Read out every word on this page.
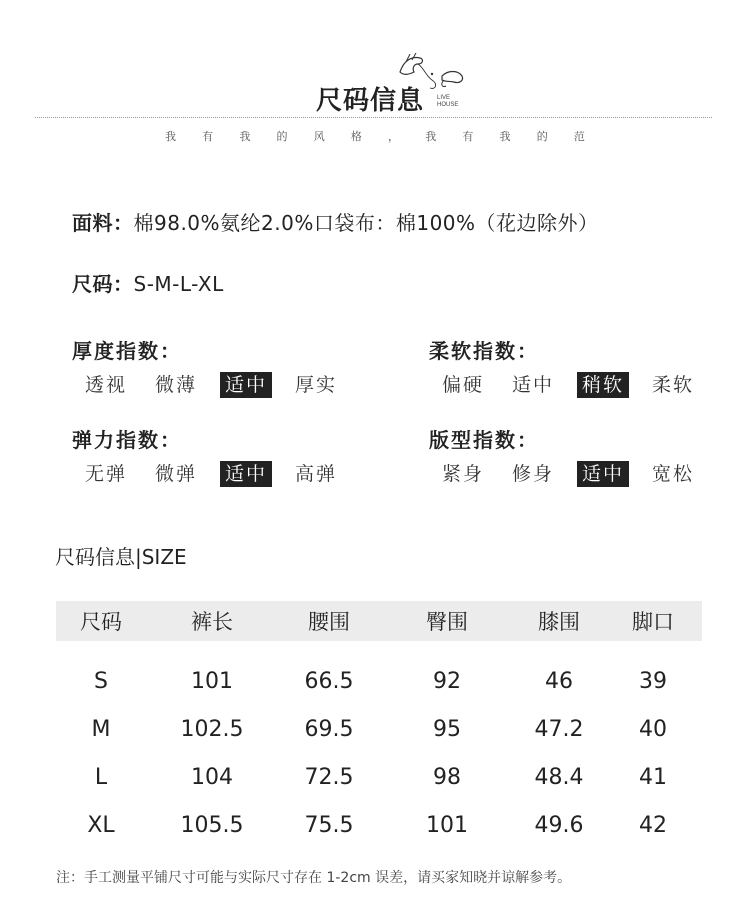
尺码信息 LIVE
HOUSE
我 有 我 的 风 格 ， 我 有 我 的 范
面料：棉98.0%氨纶2.0%口袋布：棉100%（花边除外）
尺码：S-M-L-XL
厚度指数：
透视	微薄	适中	厚实
柔软指数：
偏硬	适中	稍软	柔软
弹力指数：
无弹	微弹	适中	高弹
版型指数：
紧身	修身	适中	宽松
尺码信息|SIZE
尺码	裤长	腰围	臀围	膝围	脚口
S	101	66.5	92	46	39
M	102.5	69.5	95	47.2	40
L	104	72.5	98	48.4	41
XL	105.5	75.5	101	49.6	42
注：手工测量平铺尺寸可能与实际尺寸存在 1-2cm 误差，请买家知晓并谅解参考。
